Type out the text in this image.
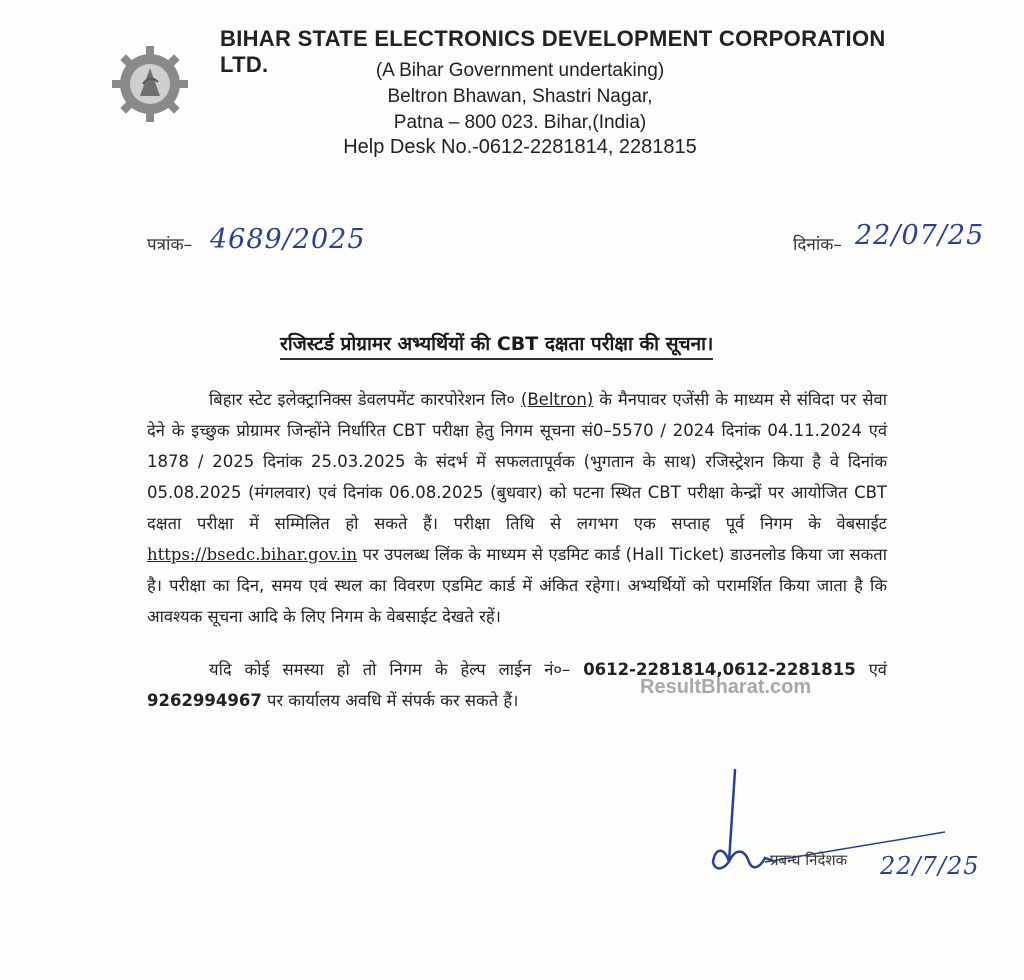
BIHAR STATE ELECTRONICS DEVELOPMENT CORPORATION LTD.	(A Bihar Government undertaking)
Beltron Bhawan, Shastri Nagar,
Patna – 800 023. Bihar,(India)
Help Desk No.-0612-2281814, 2281815
पत्रांक– 4689/2025	दिनांक– 22/07/25
रजिस्टर्ड प्रोग्रामर अभ्यर्थियों की CBT दक्षता परीक्षा की सूचना।

बिहार स्टेट इलेक्ट्रानिक्स डेवलपमेंट कारपोरेशन लि० (Beltron) के मैनपावर एजेंसी के माध्यम से संविदा पर सेवा देने के इच्छुक प्रोग्रामर जिन्होंने निर्धारित CBT परीक्षा हेतु निगम सूचना सं0–5570 / 2024 दिनांक 04.11.2024 एवं 1878 / 2025 दिनांक 25.03.2025 के संदर्भ में सफलतापूर्वक (भुगतान के साथ) रजिस्ट्रेशन किया है वे दिनांक 05.08.2025 (मंगलवार) एवं दिनांक 06.08.2025 (बुधवार) को पटना स्थित CBT परीक्षा केन्द्रों पर आयोजित CBT दक्षता परीक्षा में सम्मिलित हो सकते हैं। परीक्षा तिथि से लगभग एक सप्ताह पूर्व निगम के वेबसाईट https://bsedc.bihar.gov.in पर उपलब्ध लिंक के माध्यम से एडमिट कार्ड (Hall Ticket) डाउनलोड किया जा सकता है। परीक्षा का दिन, समय एवं स्थल का विवरण एडमिट कार्ड में अंकित रहेगा। अभ्यर्थियों को परामर्शित किया जाता है कि आवश्यक सूचना आदि के लिए निगम के वेबसाईट देखते रहें।

यदि कोई समस्या हो तो निगम के हेल्प लाईन नं०– 0612-2281814,0612-2281815 एवं 9262994967 पर कार्यालय अवधि में संपर्क कर सकते हैं।

ResultBharat.com
प्रबन्ध निदेशक 22/7/25
